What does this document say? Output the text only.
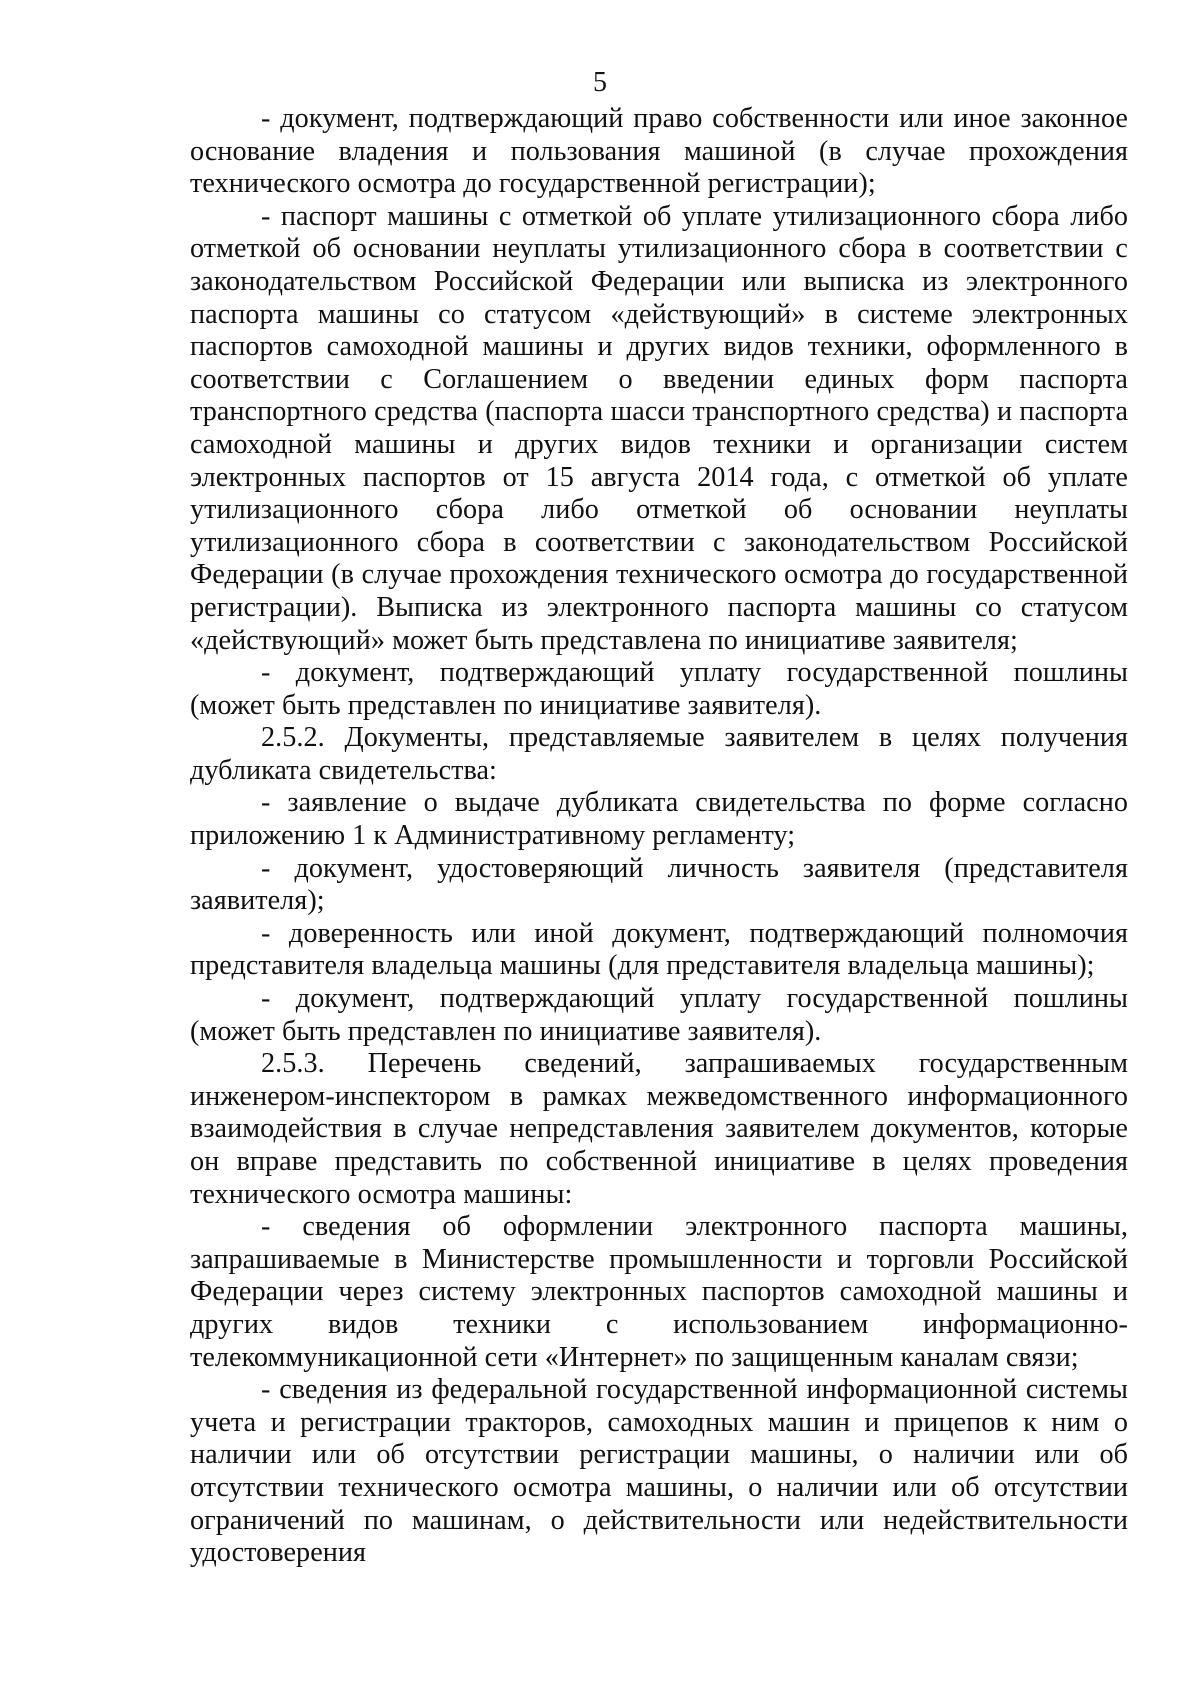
5

- документ, подтверждающий право собственности или иное законное основание владения и пользования машиной (в случае прохождения технического осмотра до государственной регистрации);

- паспорт машины с отметкой об уплате утилизационного сбора либо отметкой об основании неуплаты утилизационного сбора в соответствии с законодательством Российской Федерации или выписка из электронного паспорта машины со статусом «действующий» в системе электронных паспортов самоходной машины и других видов техники, оформленного в соответствии с Соглашением о введении единых форм паспорта транспортного средства (паспорта шасси транспортного средства) и паспорта самоходной машины и других видов техники и организации систем электронных паспортов от 15 августа 2014 года, с отметкой об уплате утилизационного сбора либо отметкой об основании неуплаты утилизационного сбора в соответствии с законодательством Российской Федерации (в случае прохождения технического осмотра до государственной регистрации). Выписка из электронного паспорта машины со статусом «действующий» может быть представлена по инициативе заявителя;

- документ, подтверждающий уплату государственной пошлины (может быть представлен по инициативе заявителя).

2.5.2. Документы, представляемые заявителем в целях получения дубликата свидетельства:

- заявление о выдаче дубликата свидетельства по форме согласно приложению 1 к Административному регламенту;

- документ, удостоверяющий личность заявителя (представителя заявителя);

- доверенность или иной документ, подтверждающий полномочия представителя владельца машины (для представителя владельца машины);

- документ, подтверждающий уплату государственной пошлины (может быть представлен по инициативе заявителя).

2.5.3. Перечень сведений, запрашиваемых государственным инженером-инспектором в рамках межведомственного информационного взаимодействия в случае непредставления заявителем документов, которые он вправе представить по собственной инициативе в целях проведения технического осмотра машины:

- сведения об оформлении электронного паспорта машины, запрашиваемые в Министерстве промышленности и торговли Российской Федерации через систему электронных паспортов самоходной машины и других видов техники с использованием информационно-телекоммуникационной сети «Интернет» по защищенным каналам связи;

- сведения из федеральной государственной информационной системы учета и регистрации тракторов, самоходных машин и прицепов к ним о наличии или об отсутствии регистрации машины, о наличии или об отсутствии технического осмотра машины, о наличии или об отсутствии ограничений по машинам, о действительности или недействительности удостоверения
